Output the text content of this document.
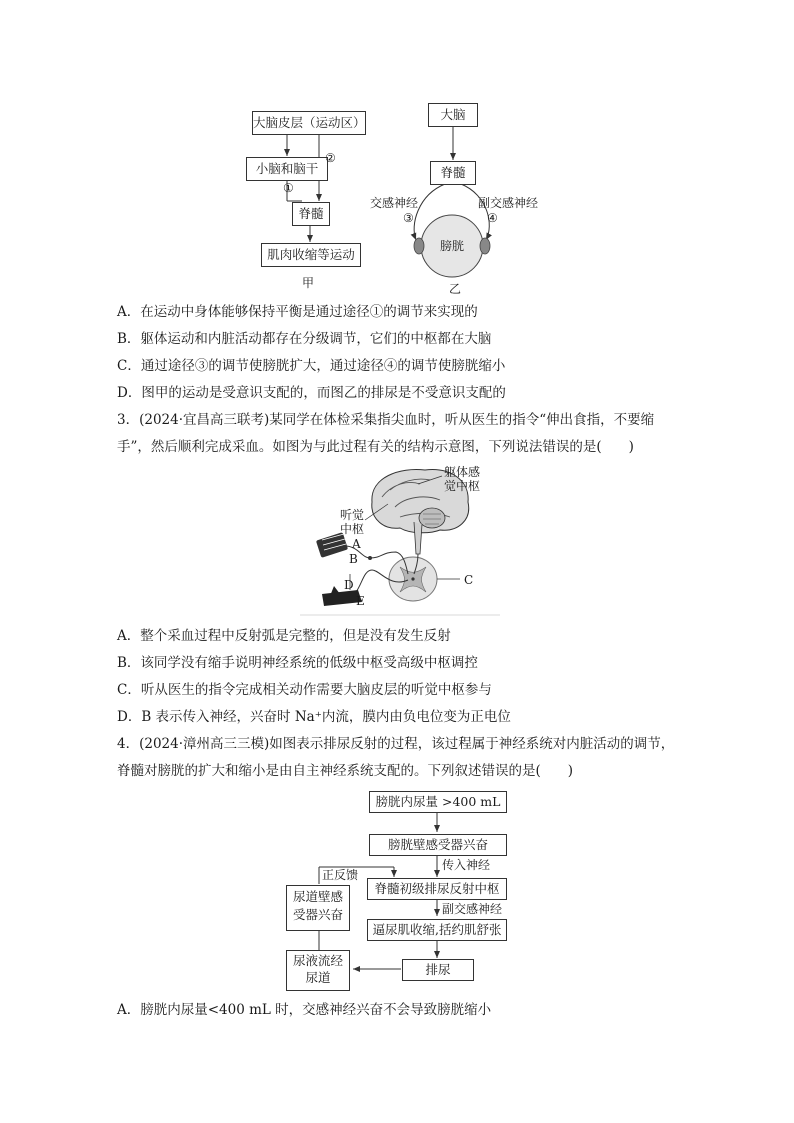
大脑皮层（运动区）
小脑和脑干
脊髓
肌肉收缩等运动
①
②
甲
大脑
脊髓
交感神经
③
副交感神经
④
膀胱
乙
A．在运动中身体能够保持平衡是通过途径①的调节来实现的
B．躯体运动和内脏活动都存在分级调节，它们的中枢都在大脑
C．通过途径③的调节使膀胱扩大，通过途径④的调节使膀胱缩小
D．图甲的运动是受意识支配的，而图乙的排尿是不受意识支配的
3．(2024·宜昌高三联考)某同学在体检采集指尖血时，听从医生的指令“伸出食指，不要缩
手”，然后顺利完成采血。如图为与此过程有关的结构示意图，下列说法错误的是(　　)
躯体感
觉中枢
听觉
中枢
A
B
C
D
E
A．整个采血过程中反射弧是完整的，但是没有发生反射
B．该同学没有缩手说明神经系统的低级中枢受高级中枢调控
C．听从医生的指令完成相关动作需要大脑皮层的听觉中枢参与
D．B 表示传入神经，兴奋时 Na⁺内流，膜内由负电位变为正电位
4．(2024·漳州高三三模)如图表示排尿反射的过程，该过程属于神经系统对内脏活动的调节，
脊髓对膀胱的扩大和缩小是由自主神经系统支配的。下列叙述错误的是(　　)
膀胱内尿量 >400 mL
膀胱壁感受器兴奋
传入神经
脊髓初级排尿反射中枢
副交感神经
逼尿肌收缩,括约肌舒张
排尿
正反馈
尿道壁感
受器兴奋
尿液流经
尿道
A．膀胱内尿量<400 mL 时，交感神经兴奋不会导致膀胱缩小
